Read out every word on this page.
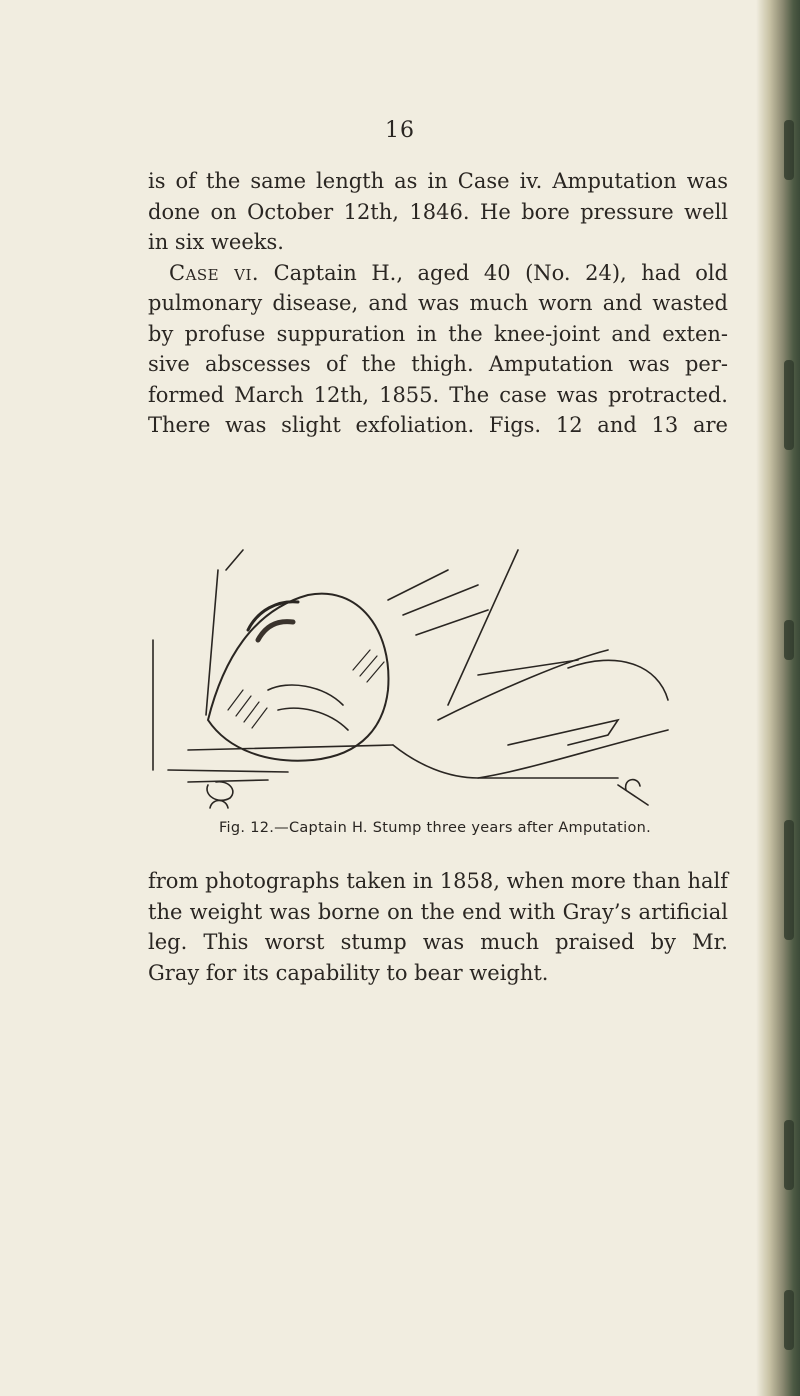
16

is of the same length as in Case iv. Amputation was
done on October 12th, 1846. He bore pressure well
in six weeks.
 Case vi. Captain H., aged 40 (No. 24), had old
pulmonary disease, and was much worn and wasted
by profuse suppuration in the knee-joint and exten-
sive abscesses of the thigh. Amputation was per-
formed March 12th, 1855. The case was protracted.
There was slight exfoliation. Figs. 12 and 13 are

Fig. 12.—Captain H. Stump three years after Amputation.

from photographs taken in 1858, when more than half
the weight was borne on the end with Gray’s artificial
leg. This worst stump was much praised by Mr.
Gray for its capability to bear weight.
